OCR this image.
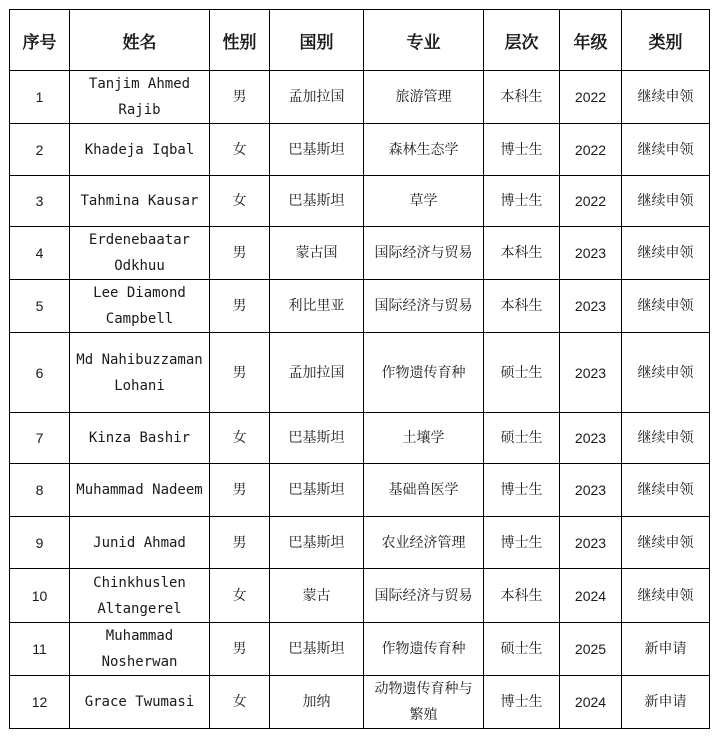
序号	姓名	性别	国别	专业	层次	年级	类别
1	Tanjim Ahmed Rajib	男	孟加拉国	旅游管理	本科生	2022	继续申领
2	Khadeja Iqbal	女	巴基斯坦	森林生态学	博士生	2022	继续申领
3	Tahmina Kausar	女	巴基斯坦	草学	博士生	2022	继续申领
4	Erdenebaatar Odkhuu	男	蒙古国	国际经济与贸易	本科生	2023	继续申领
5	Lee Diamond Campbell	男	利比里亚	国际经济与贸易	本科生	2023	继续申领
6	Md Nahibuzzaman Lohani	男	孟加拉国	作物遗传育种	硕士生	2023	继续申领
7	Kinza Bashir	女	巴基斯坦	土壤学	硕士生	2023	继续申领
8	Muhammad Nadeem	男	巴基斯坦	基础兽医学	博士生	2023	继续申领
9	Junid Ahmad	男	巴基斯坦	农业经济管理	博士生	2023	继续申领
10	Chinkhuslen Altangerel	女	蒙古	国际经济与贸易	本科生	2024	继续申领
11	Muhammad Nosherwan	男	巴基斯坦	作物遗传育种	硕士生	2025	新申请
12	Grace Twumasi	女	加纳	动物遗传育种与繁殖	博士生	2024	新申请
